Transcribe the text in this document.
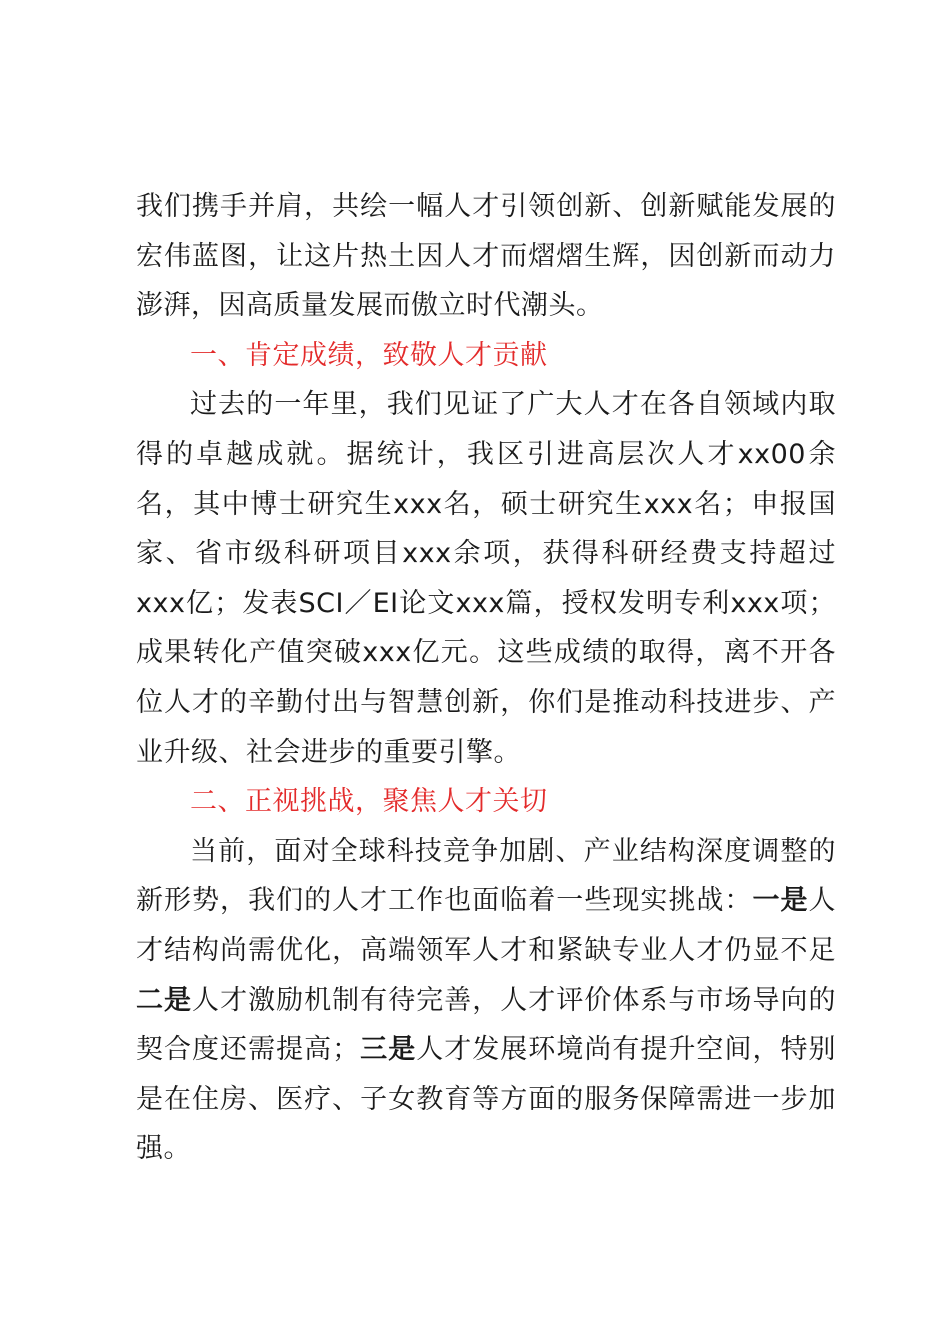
我们携手并肩，共绘一幅人才引领创新、创新赋能发展的宏伟蓝图，让这片热土因人才而熠熠生辉，因创新而动力澎湃，因高质量发展而傲立时代潮头。

一、肯定成绩，致敬人才贡献

过去的一年里，我们见证了广大人才在各自领域内取得的卓越成就。据统计，我区引进高层次人才xx00余名，其中博士研究生xxx名，硕士研究生xxx名；申报国家、省市级科研项目xxx余项，获得科研经费支持超过xxx亿；发表SCI／EI论文xxx篇，授权发明专利xxx项；成果转化产值突破xxx亿元。这些成绩的取得，离不开各位人才的辛勤付出与智慧创新，你们是推动科技进步、产业升级、社会进步的重要引擎。

二、正视挑战，聚焦人才关切

当前，面对全球科技竞争加剧、产业结构深度调整的新形势，我们的人才工作也面临着一些现实挑战：一是人才结构尚需优化，高端领军人才和紧缺专业人才仍显不足二是人才激励机制有待完善，人才评价体系与市场导向的契合度还需提高；三是人才发展环境尚有提升空间，特别是在住房、医疗、子女教育等方面的服务保障需进一步加强。
